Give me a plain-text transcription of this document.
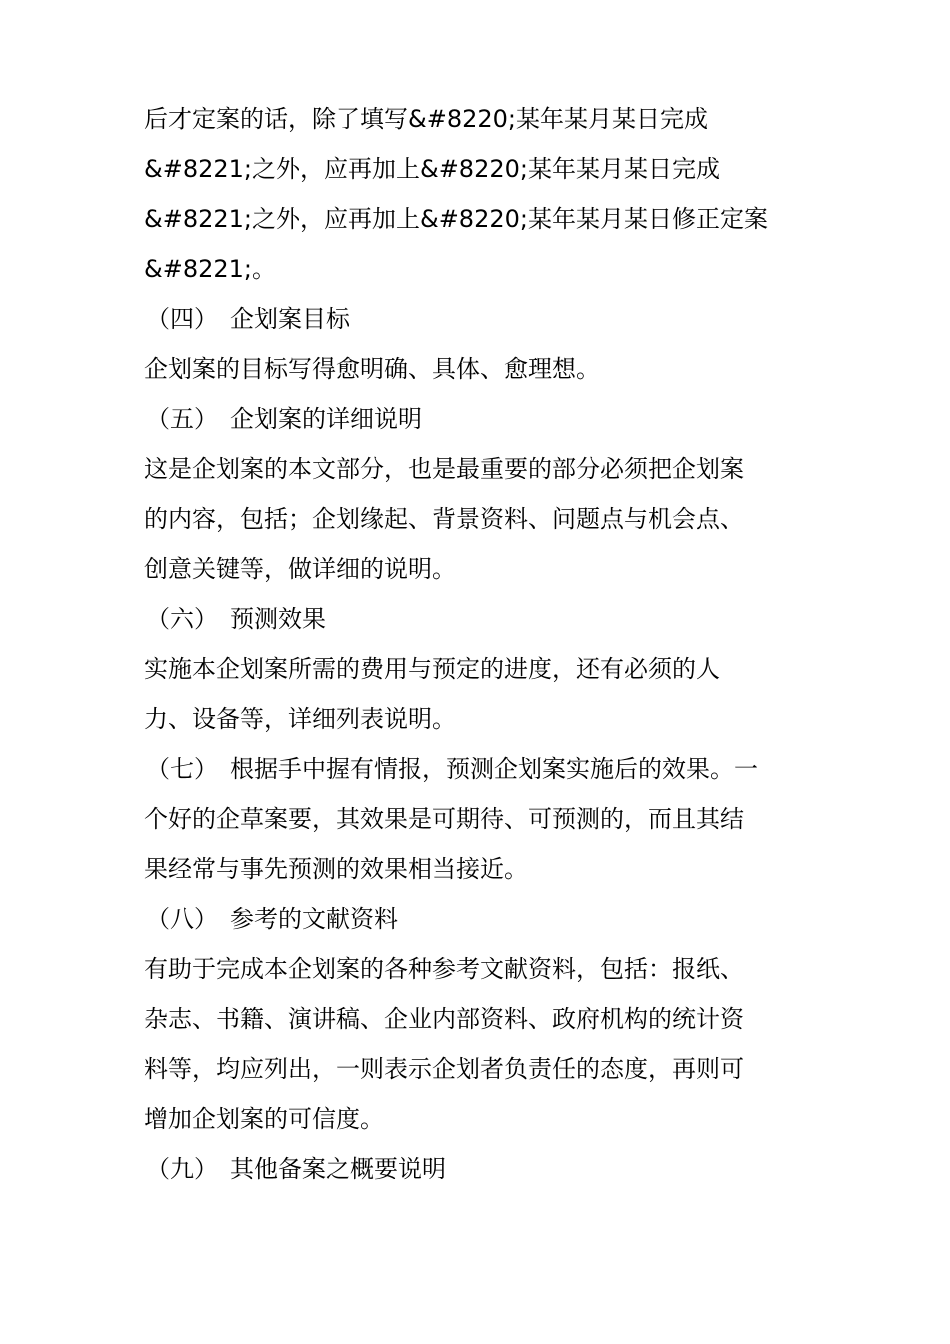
后才定案的话，除了填写&#8220;某年某月某日完成
&#8221;之外，应再加上&#8220;某年某月某日完成
&#8221;之外，应再加上&#8220;某年某月某日修正定案
&#8221;。
（四）　企划案目标
企划案的目标写得愈明确、具体、愈理想。
（五）　企划案的详细说明
这是企划案的本文部分，也是最重要的部分必须把企划案
的内容，包括；企划缘起、背景资料、问题点与机会点、
创意关键等，做详细的说明。
（六）　预测效果
实施本企划案所需的费用与预定的进度，还有必须的人
力、设备等，详细列表说明。
（七）　根据手中握有情报，预测企划案实施后的效果。一
个好的企草案要，其效果是可期待、可预测的，而且其结
果经常与事先预测的效果相当接近。
（八）　参考的文献资料
有助于完成本企划案的各种参考文献资料，包括：报纸、
杂志、书籍、演讲稿、企业内部资料、政府机构的统计资
料等，均应列出，一则表示企划者负责任的态度，再则可
增加企划案的可信度。
（九）　其他备案之概要说明
